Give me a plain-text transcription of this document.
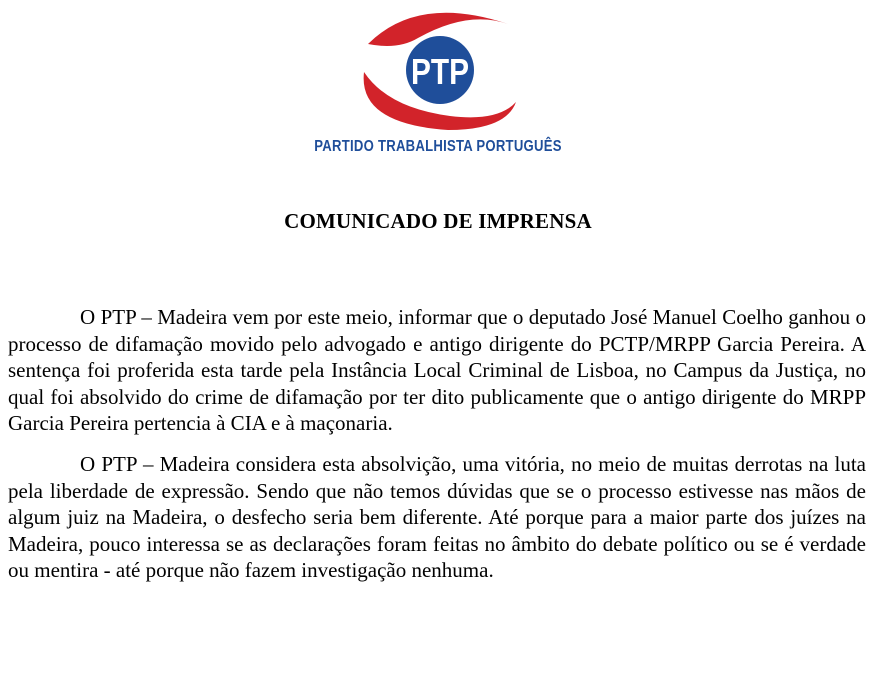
PTP
PARTIDO TRABALHISTA PORTUGUÊS
COMUNICADO DE IMPRENSA

O PTP – Madeira vem por este meio, informar que o deputado José Manuel Coelho ganhou o processo de difamação movido pelo advogado e antigo dirigente do PCTP/MRPP Garcia Pereira. A sentença foi proferida esta tarde pela Instância Local Criminal de Lisboa, no Campus da Justiça, no qual foi absolvido do crime de difamação por ter dito publicamente que o antigo dirigente do MRPP Garcia Pereira pertencia à CIA e à maçonaria.

O PTP – Madeira considera esta absolvição, uma vitória, no meio de muitas derrotas na luta pela liberdade de expressão. Sendo que não temos dúvidas que se o processo estivesse nas mãos de algum juiz na Madeira, o desfecho seria bem diferente. Até porque para a maior parte dos juízes na Madeira, pouco interessa se as declarações foram feitas no âmbito do debate político ou se é verdade ou mentira - até porque não fazem investigação nenhuma.
